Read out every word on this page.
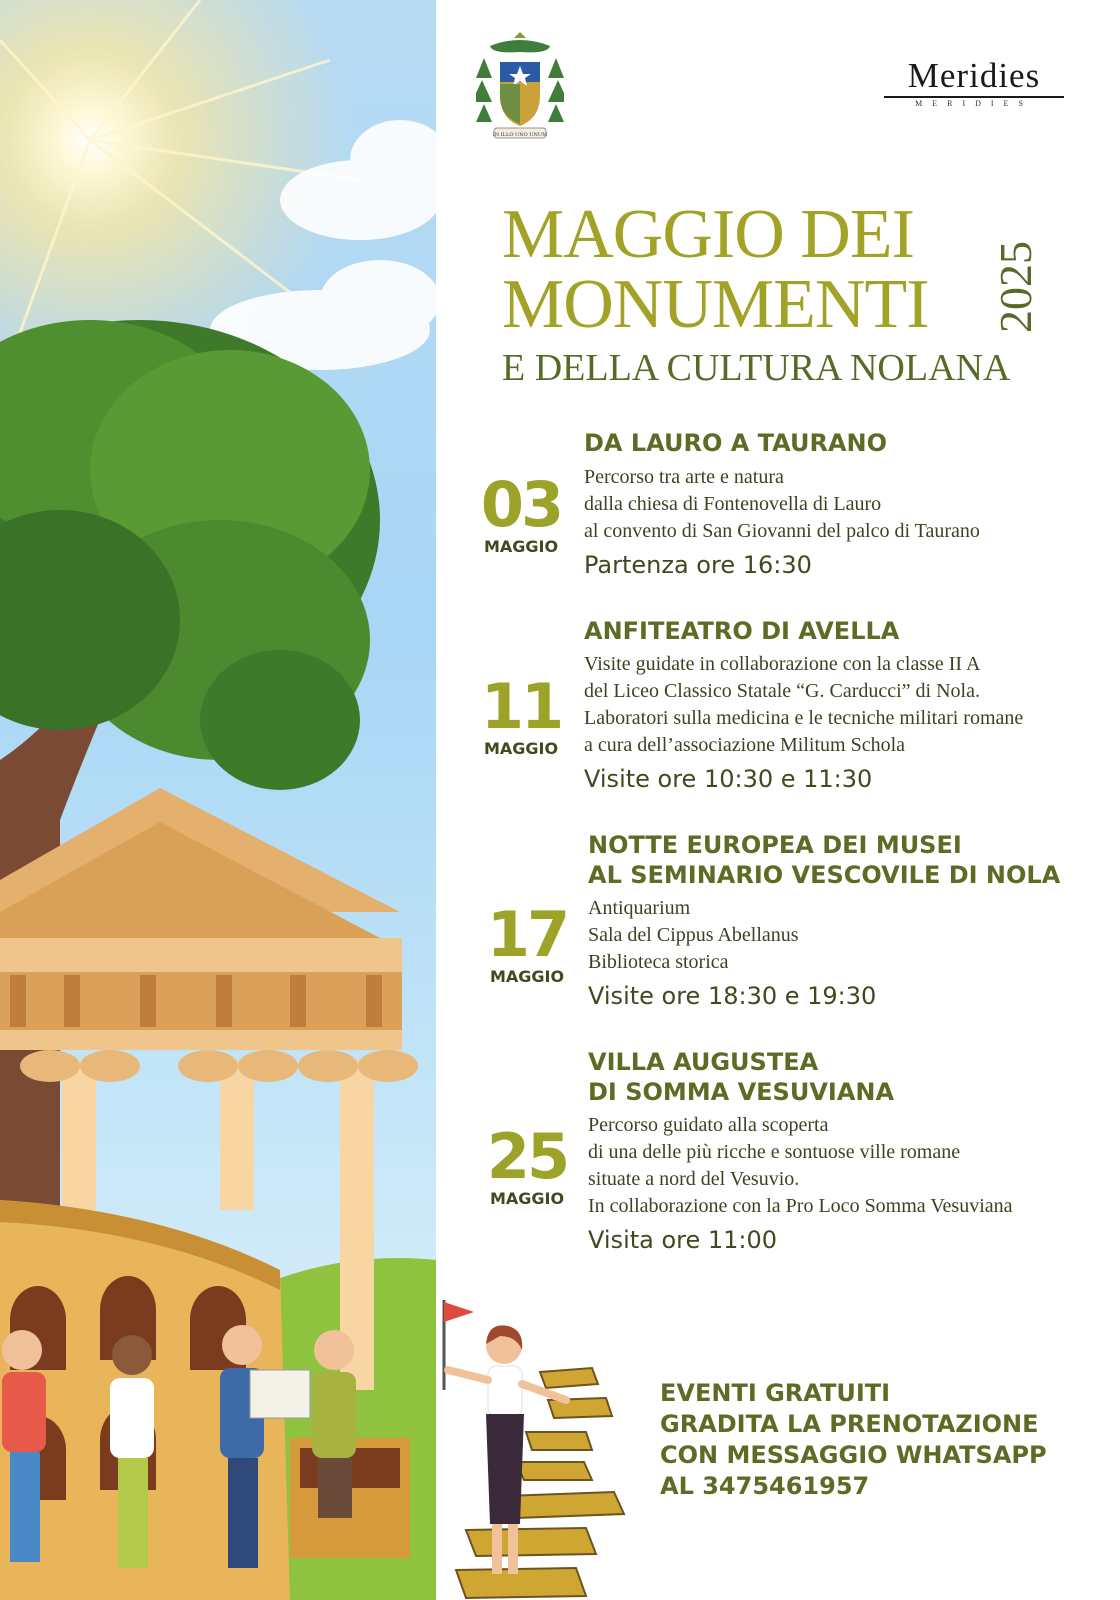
IN ILLO UNO UNUM
Meridies
MERIDIES
MAGGIO DEI
MONUMENTI
E DELLA CULTURA NOLANA
2025
03
MAGGIO
DA LAURO A TAURANO
Percorso tra arte e natura
dalla chiesa di Fontenovella di Lauro
al convento di San Giovanni del palco di Taurano
Partenza ore 16:30
11
MAGGIO
ANFITEATRO DI AVELLA
Visite guidate in collaborazione con la classe II A
del Liceo Classico Statale “G. Carducci” di Nola.
Laboratori sulla medicina e le tecniche militari romane
a cura dell’associazione Militum Schola
Visite ore 10:30 e 11:30
17
MAGGIO
NOTTE EUROPEA DEI MUSEI
AL SEMINARIO VESCOVILE DI NOLA
Antiquarium
Sala del Cippus Abellanus
Biblioteca storica
Visite ore 18:30 e 19:30
25
MAGGIO
VILLA AUGUSTEA
DI SOMMA VESUVIANA
Percorso guidato alla scoperta
di una delle più ricche e sontuose ville romane
situate a nord del Vesuvio.
In collaborazione con la Pro Loco Somma Vesuviana
Visita ore 11:00
EVENTI GRATUITI
GRADITA LA PRENOTAZIONE
CON MESSAGGIO WHATSAPP
AL 3475461957
